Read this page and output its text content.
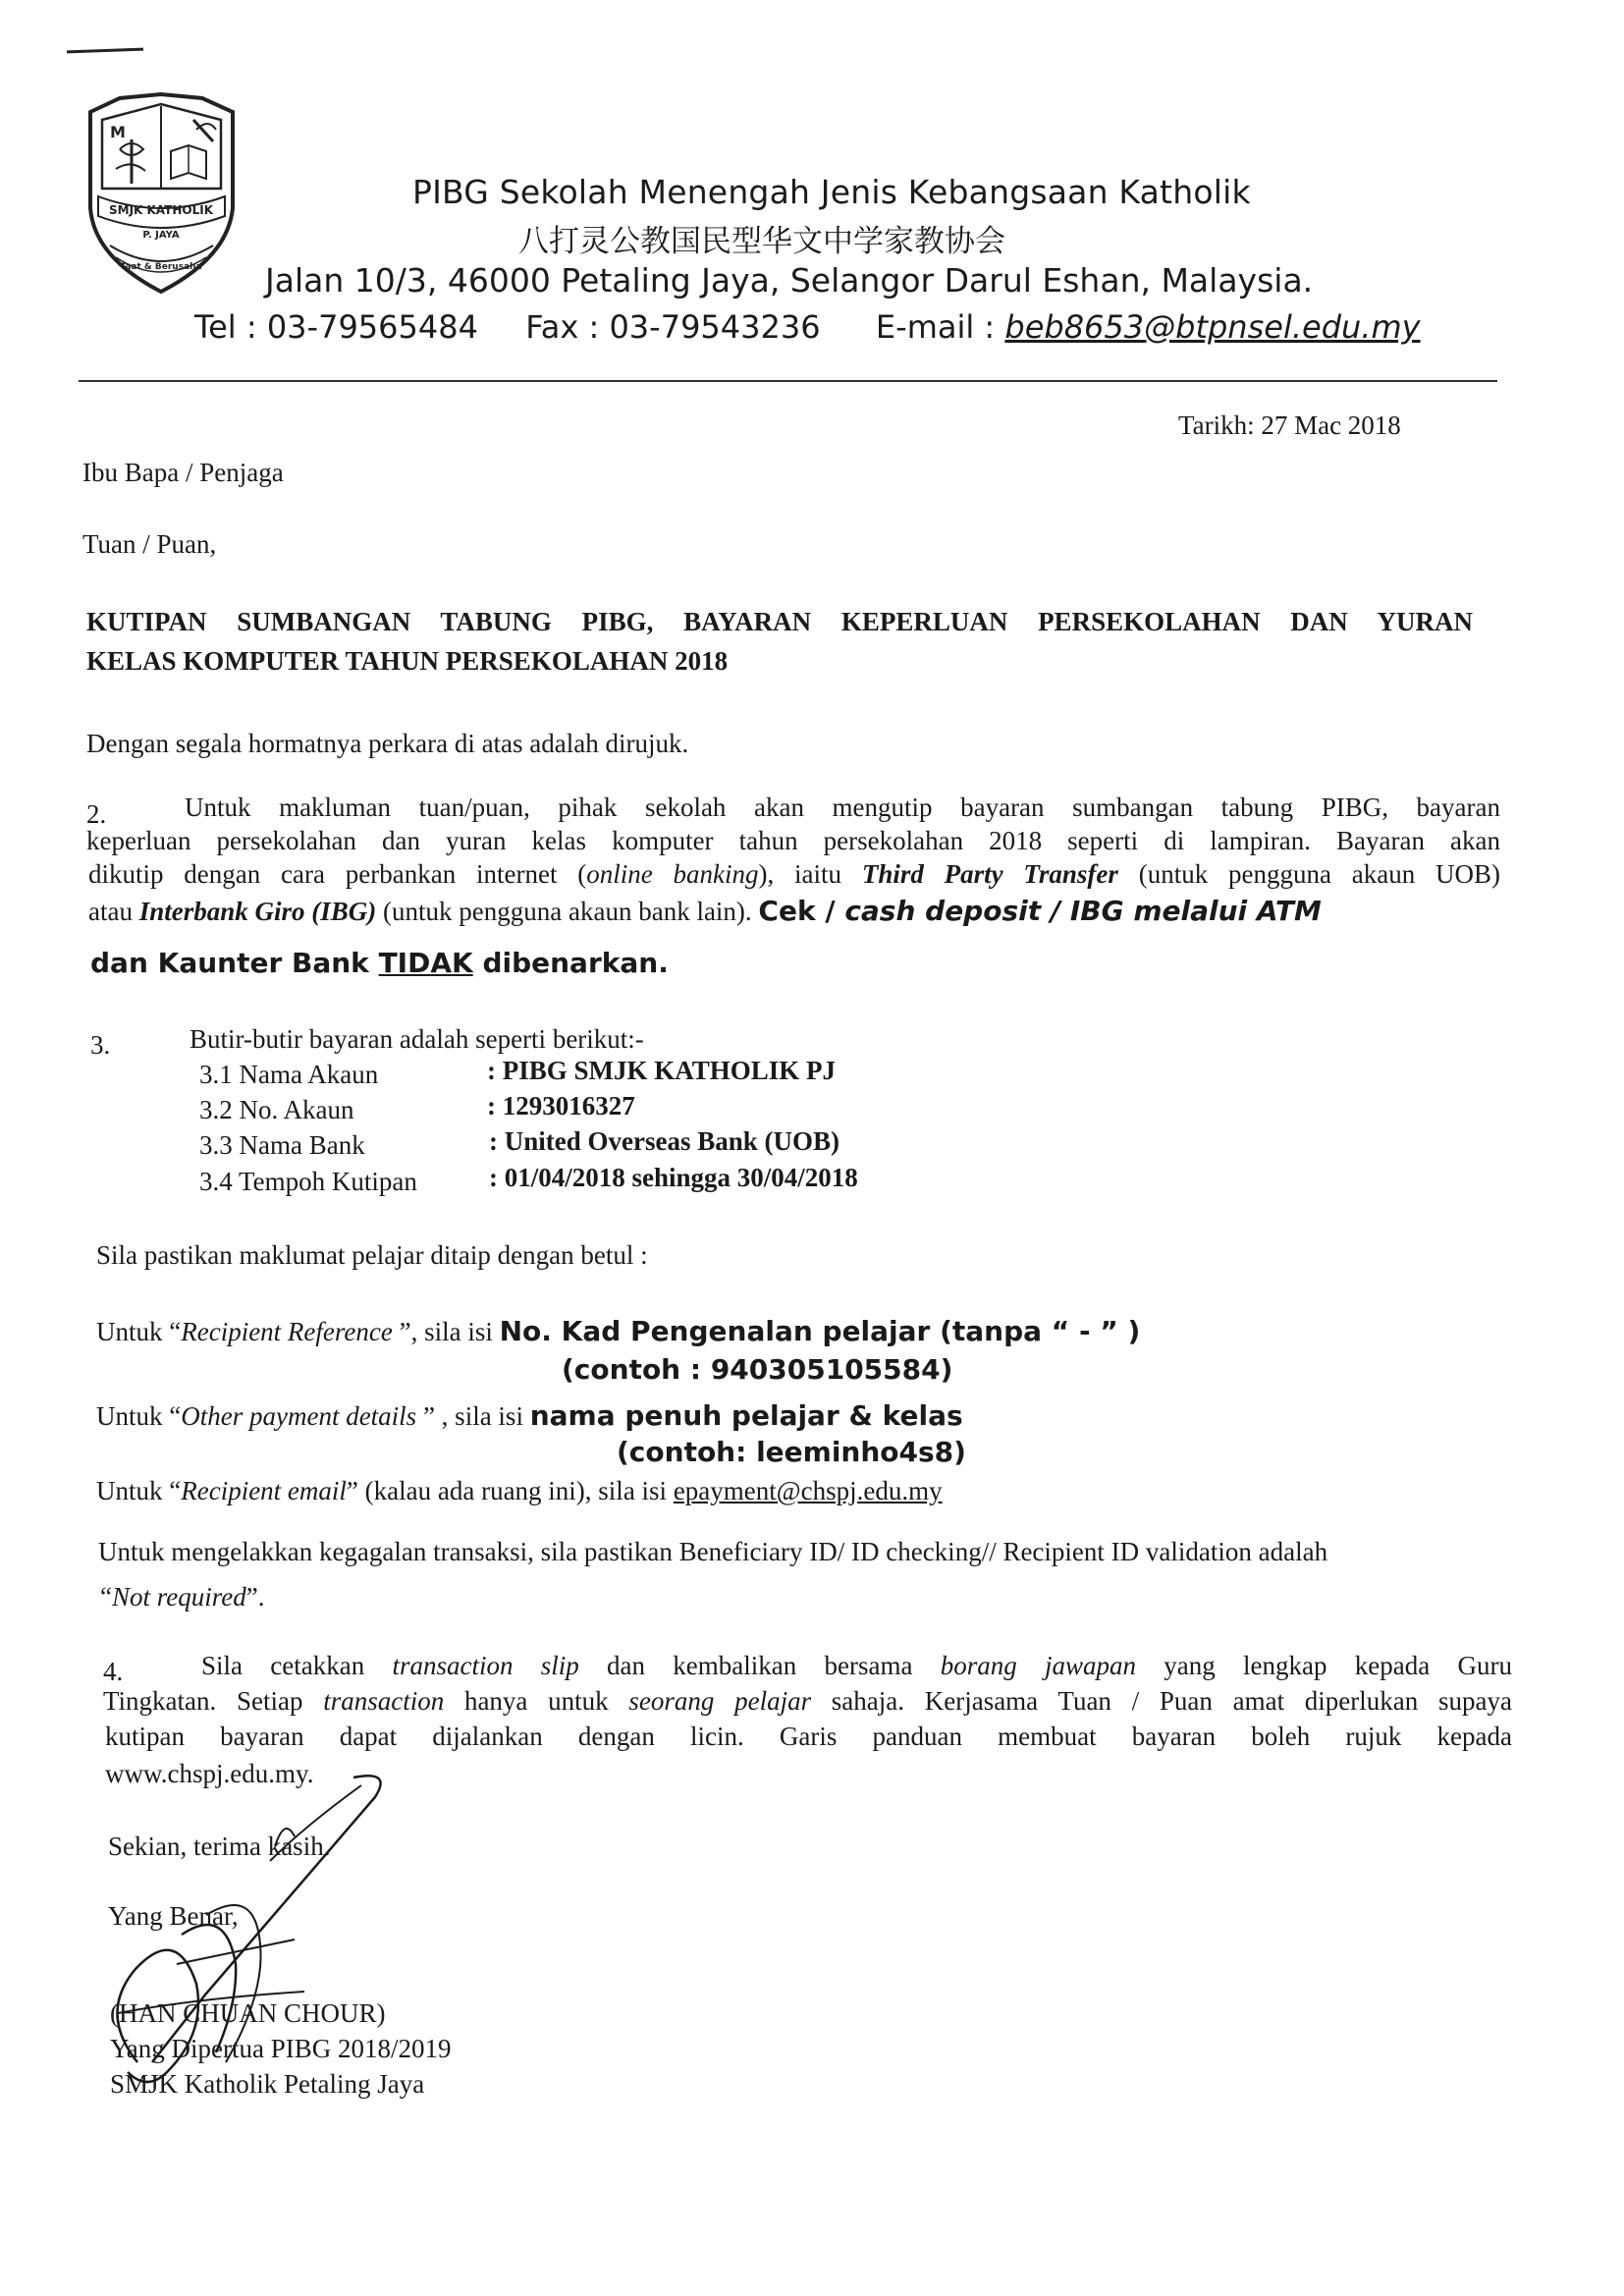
M
SMJK KATHOLIK
P. JAYA
Taat & Berusaha
PIBG Sekolah Menengah Jenis Kebangsaan Katholik
八打灵公教国民型华文中学家教协会
Jalan 10/3, 46000 Petaling Jaya, Selangor Darul Eshan, Malaysia.
Tel : 03-79565484 Fax : 03-79543236 E-mail : beb8653@btpnsel.edu.my
Tarikh: 27 Mac 2018
Ibu Bapa / Penjaga
Tuan / Puan,
KUTIPAN SUMBANGAN TABUNG PIBG, BAYARAN KEPERLUAN PERSEKOLAHAN DAN YURAN
KELAS KOMPUTER TAHUN PERSEKOLAHAN 2018
Dengan segala hormatnya perkara di atas adalah dirujuk.
2.	Untuk makluman tuan/puan, pihak sekolah akan mengutip bayaran sumbangan tabung PIBG, bayaran
keperluan persekolahan dan yuran kelas komputer tahun persekolahan 2018 seperti di lampiran. Bayaran akan
dikutip dengan cara perbankan internet (online banking), iaitu Third Party Transfer (untuk pengguna akaun UOB)
atau Interbank Giro (IBG) (untuk pengguna akaun bank lain). Cek / cash deposit / IBG melalui ATM
dan Kaunter Bank TIDAK dibenarkan.
3.	Butir-butir bayaran adalah seperti berikut:-
3.1 Nama Akaun	: PIBG SMJK KATHOLIK PJ
3.2 No. Akaun	: 1293016327
3.3 Nama Bank	: United Overseas Bank (UOB)
3.4 Tempoh Kutipan	: 01/04/2018 sehingga 30/04/2018
Sila pastikan maklumat pelajar ditaip dengan betul :
Untuk “Recipient Reference ”, sila isi No. Kad Pengenalan pelajar (tanpa “ - ” )
(contoh : 940305105584)
Untuk “Other payment details ” , sila isi nama penuh pelajar & kelas
(contoh: leeminho4s8)
Untuk “Recipient email” (kalau ada ruang ini), sila isi epayment@chspj.edu.my
Untuk mengelakkan kegagalan transaksi, sila pastikan Beneficiary ID/ ID checking// Recipient ID validation adalah
“Not required”.
4.	Sila cetakkan transaction slip dan kembalikan bersama borang jawapan yang lengkap kepada Guru
Tingkatan. Setiap transaction hanya untuk seorang pelajar sahaja. Kerjasama Tuan / Puan amat diperlukan supaya
kutipan bayaran dapat dijalankan dengan licin. Garis panduan membuat bayaran boleh rujuk kepada
www.chspj.edu.my.
Sekian, terima kasih.
Yang Benar,
(HAN CHUAN CHOUR)
Yang Dipertua PIBG 2018/2019
SMJK Katholik Petaling Jaya
